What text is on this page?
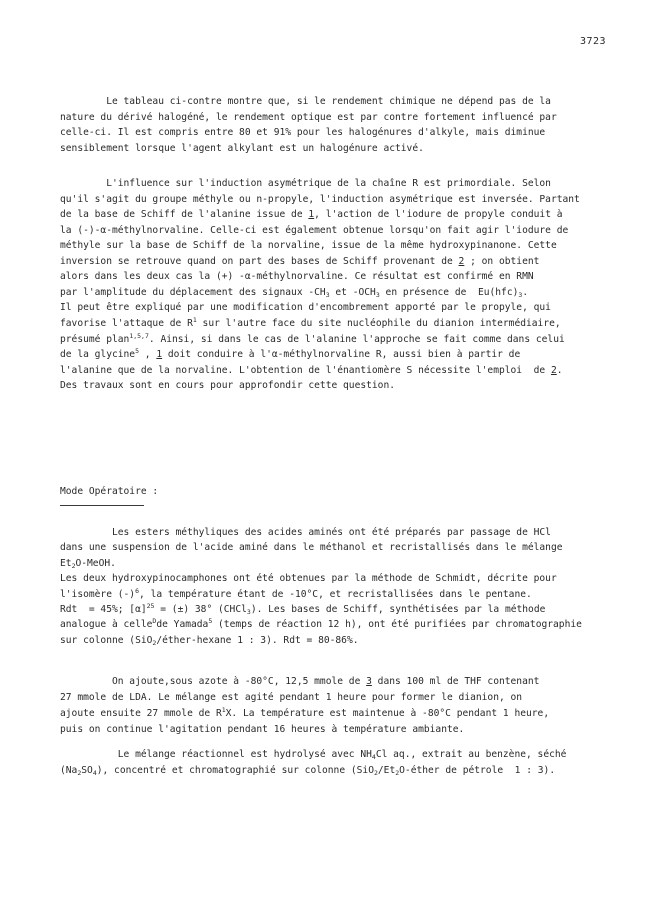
3723
Le tableau ci-contre montre que, si le rendement chimique ne dépend pas de la
nature du dérivé halogéné, le rendement optique est par contre fortement influencé par
celle-ci. Il est compris entre 80 et 91% pour les halogénures d'alkyle, mais diminue
sensiblement lorsque l'agent alkylant est un halogénure activé.
L'influence sur l'induction asymétrique de la chaîne R est primordiale. Selon
qu'il s'agit du groupe méthyle ou n-propyle, l'induction asymétrique est inversée. Partant
de la base de Schiff de l'alanine issue de 1, l'action de l'iodure de propyle conduit à
la (-)-α-méthylnorvaline. Celle-ci est également obtenue lorsqu'on fait agir l'iodure de
méthyle sur la base de Schiff de la norvaline, issue de la même hydroxypinanone. Cette
inversion se retrouve quand on part des bases de Schiff provenant de 2 ; on obtient
alors dans les deux cas la (+) -α-méthylnorvaline. Ce résultat est confirmé en RMN
par l'amplitude du déplacement des signaux $-CH_3$ et $-OCH_3$ en présence de  $Eu(hfc)_3$.
Il peut être expliqué par une modification d'encombrement apporté par le propyle, qui
favorise l'attaque de $R^1$ sur l'autre face du site nucléophile du dianion intermédiaire,
présumé plan$^{1,5,7}$. Ainsi, si dans le cas de l'alanine l'approche se fait comme dans celui
de la glycine$^5$ , 1 doit conduire à l'α-méthylnorvaline R, aussi bien à partir de
l'alanine que de la norvaline. L'obtention de l'énantiomère S nécessite l'emploi  de 2.
Des travaux sont en cours pour approfondir cette question.
Mode Opératoire :
Les esters méthyliques des acides aminés ont été préparés par passage de HCl
dans une suspension de l'acide aminé dans le méthanol et recristallisés dans le mélange
$Et_2O$-MeOH.
Les deux hydroxypinocamphones ont été obtenues par la méthode de Schmidt, décrite pour
l'isomère $(-)^6$, la température étant de -10°C, et recristallisées dans le pentane.
Rdt  = 45%; $[\alpha]^{25}$ = (±) 38° (CHCl$_3$). Les bases de Schiff, synthétisées par la méthode
analogue à celle$^D$de Yamada$^5$ (temps de réaction 12 h), ont été purifiées par chromatographie
sur colonne (SiO$_2$/éther-hexane 1 : 3). Rdt = 80-86%.
On ajoute,sous azote à -80°C, 12,5 mmole de 3 dans 100 ml de THF contenant
27 mmole de LDA. Le mélange est agité pendant 1 heure pour former le dianion, on
ajoute ensuite 27 mmole de $R^1X$. La température est maintenue à -80°C pendant 1 heure,
puis on continue l'agitation pendant 16 heures à température ambiante.
Le mélange réactionnel est hydrolysé avec $NH_4Cl$ aq., extrait au benzène, séché
$(Na_2SO_4)$, concentré et chromatographié sur colonne ($SiO_2/Et_2O$-éther de pétrole  1 : 3).
